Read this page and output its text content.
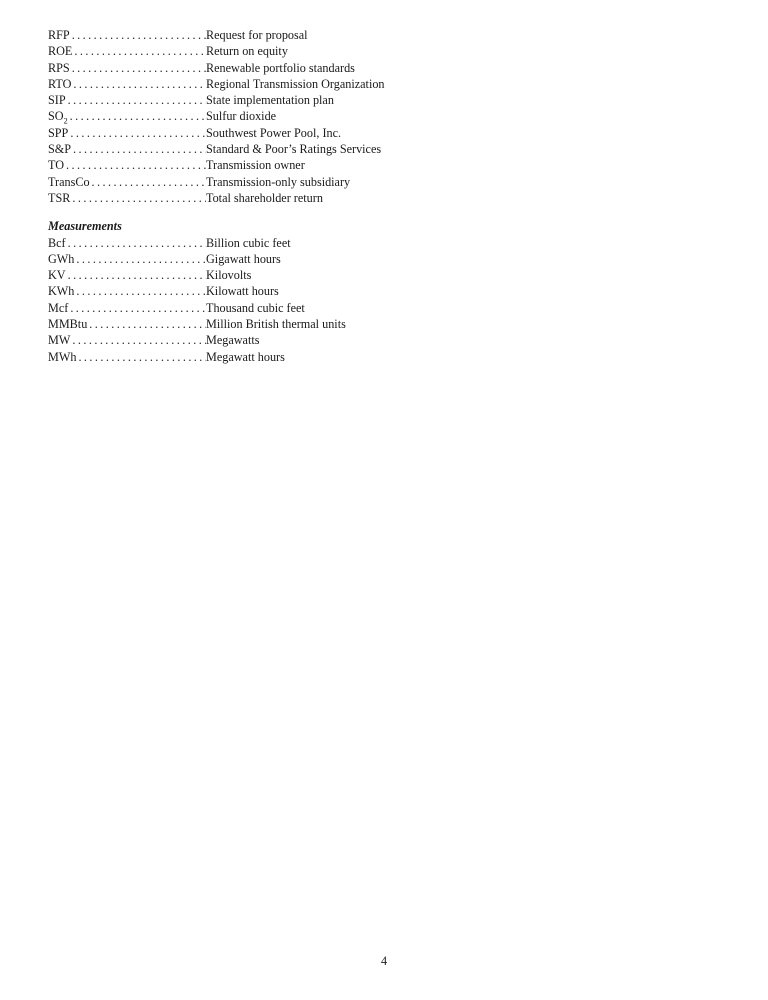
RFP . . .	Request for proposal
ROE . . .	Return on equity
RPS . . .	Renewable portfolio standards
RTO . . .	Regional Transmission Organization
SIP . . .	State implementation plan
$SO_2$ . . .	Sulfur dioxide
SPP . . .	Southwest Power Pool, Inc.
S&P . . .	Standard & Poor’s Ratings Services
TO . . .	Transmission owner
TransCo . . .	Transmission-only subsidiary
TSR . . .	Total shareholder return
Measurements
Bcf . . .	Billion cubic feet
GWh . . .	Gigawatt hours
KV . . .	Kilovolts
KWh . . .	Kilowatt hours
Mcf . . .	Thousand cubic feet
MMBtu . . .	Million British thermal units
MW . . .	Megawatts
MWh . . .	Megawatt hours
4
